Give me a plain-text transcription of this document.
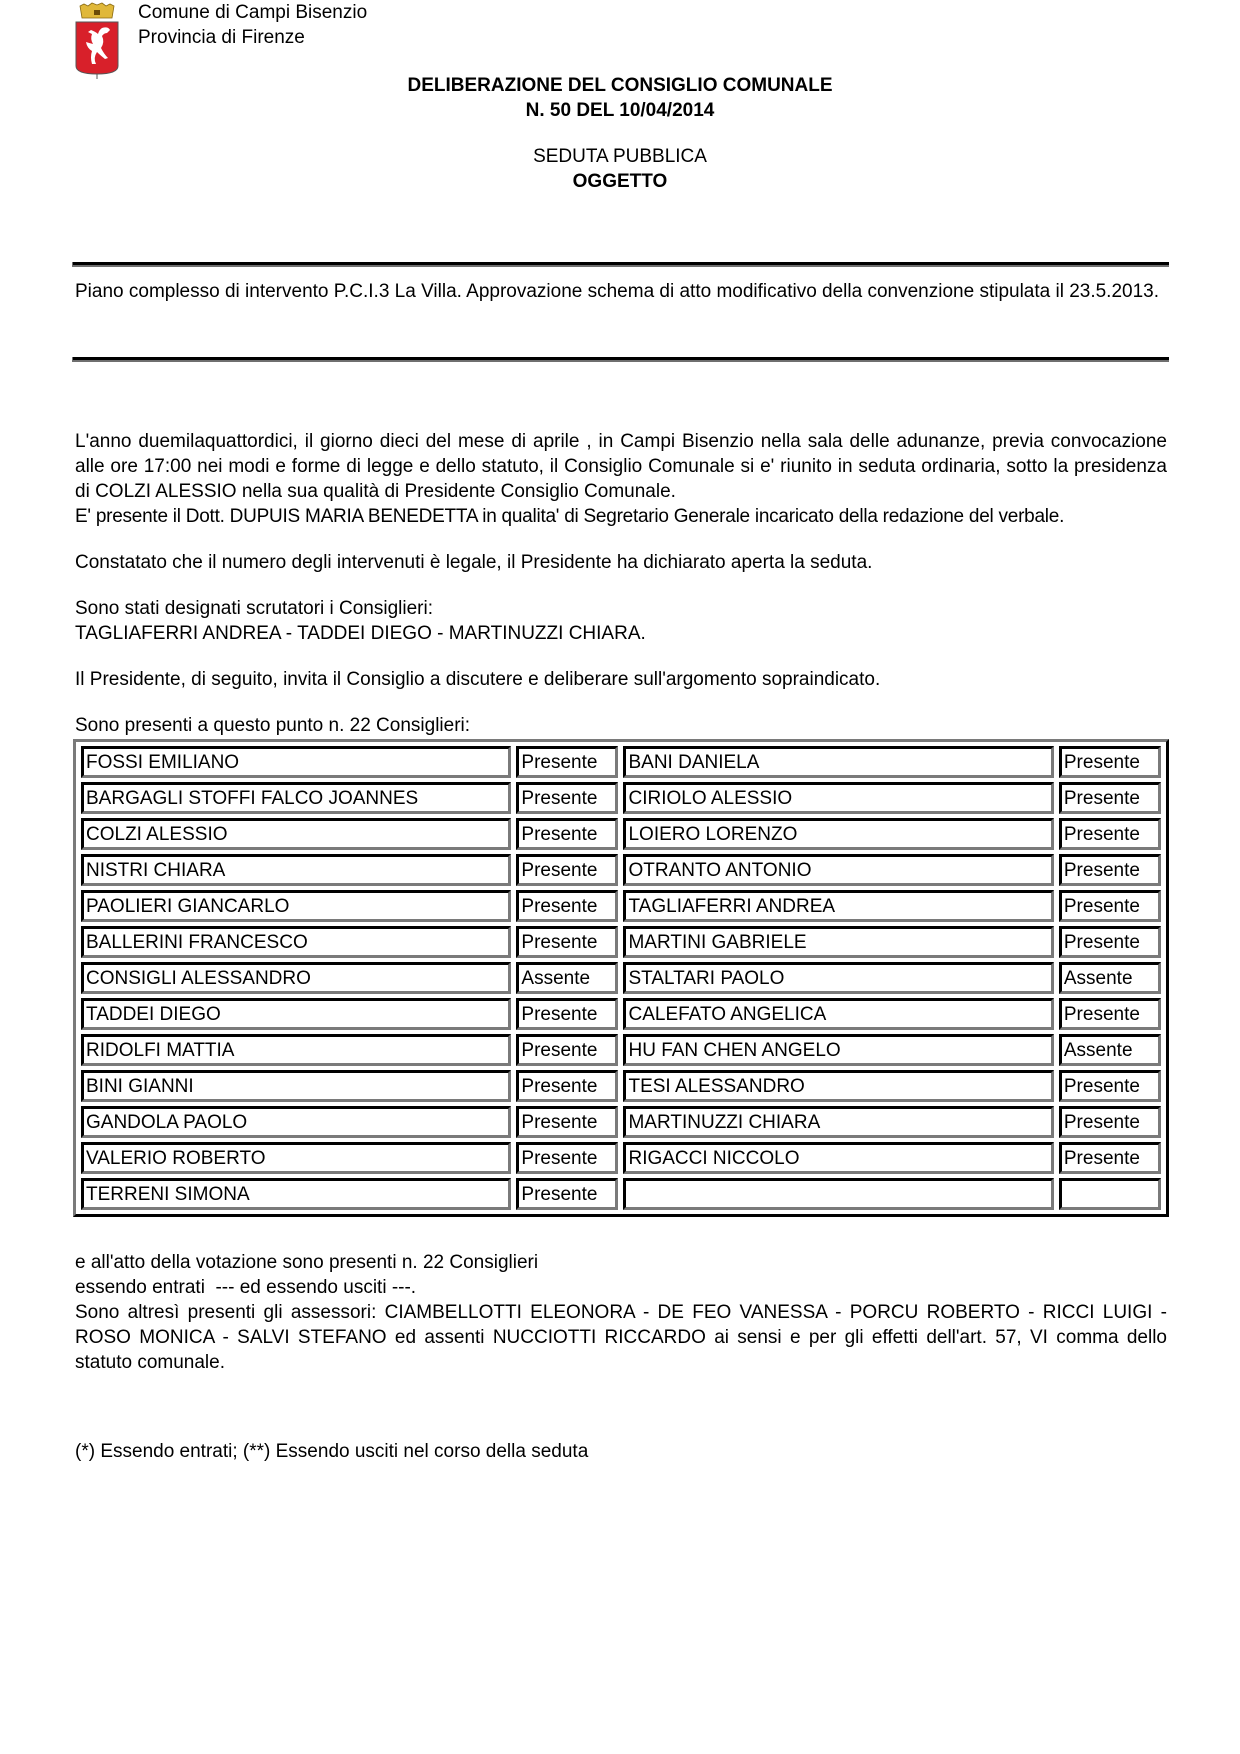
Comune di Campi Bisenzio
Provincia di Firenze
DELIBERAZIONE DEL CONSIGLIO COMUNALE
N. 50 DEL 10/04/2014
SEDUTA PUBBLICA
OGGETTO
Piano complesso di intervento P.C.I.3 La Villa. Approvazione schema di atto modificativo della convenzione stipulata il 23.5.2013.
L'anno duemilaquattordici, il giorno dieci del mese di aprile , in Campi Bisenzio nella sala delle adunanze, previa convocazione alle ore 17:00 nei modi e forme di legge e dello statuto, il Consiglio Comunale si e' riunito in seduta ordinaria, sotto la presidenza di COLZI ALESSIO nella sua qualità di Presidente Consiglio Comunale.
E' presente il Dott. DUPUIS MARIA BENEDETTA in qualita' di Segretario Generale incaricato della redazione del verbale.
Constatato che il numero degli intervenuti è legale, il Presidente ha dichiarato aperta la seduta.
Sono stati designati scrutatori i Consiglieri:
TAGLIAFERRI ANDREA - TADDEI DIEGO - MARTINUZZI CHIARA.
Il Presidente, di seguito, invita il Consiglio a discutere e deliberare sull'argomento sopraindicato.
Sono presenti a questo punto n. 22 Consiglieri:
FOSSI EMILIANO	Presente	BANI DANIELA	Presente
BARGAGLI STOFFI FALCO JOANNES	Presente	CIRIOLO ALESSIO	Presente
COLZI ALESSIO	Presente	LOIERO LORENZO	Presente
NISTRI CHIARA	Presente	OTRANTO ANTONIO	Presente
PAOLIERI GIANCARLO	Presente	TAGLIAFERRI ANDREA	Presente
BALLERINI FRANCESCO	Presente	MARTINI GABRIELE	Presente
CONSIGLI ALESSANDRO	Assente	STALTARI PAOLO	Assente
TADDEI DIEGO	Presente	CALEFATO ANGELICA	Presente
RIDOLFI MATTIA	Presente	HU FAN CHEN ANGELO	Assente
BINI GIANNI	Presente	TESI ALESSANDRO	Presente
GANDOLA PAOLO	Presente	MARTINUZZI CHIARA	Presente
VALERIO ROBERTO	Presente	RIGACCI NICCOLO	Presente
TERRENI SIMONA	Presente		
e all'atto della votazione sono presenti n. 22 Consiglieri
essendo entrati  --- ed essendo usciti ---.
Sono altresì presenti gli assessori: CIAMBELLOTTI ELEONORA - DE FEO VANESSA - PORCU ROBERTO - RICCI LUIGI - ROSO MONICA - SALVI STEFANO ed assenti NUCCIOTTI RICCARDO ai sensi e per gli effetti dell'art. 57, VI comma dello statuto comunale.
(*) Essendo entrati; (**) Essendo usciti nel corso della seduta
